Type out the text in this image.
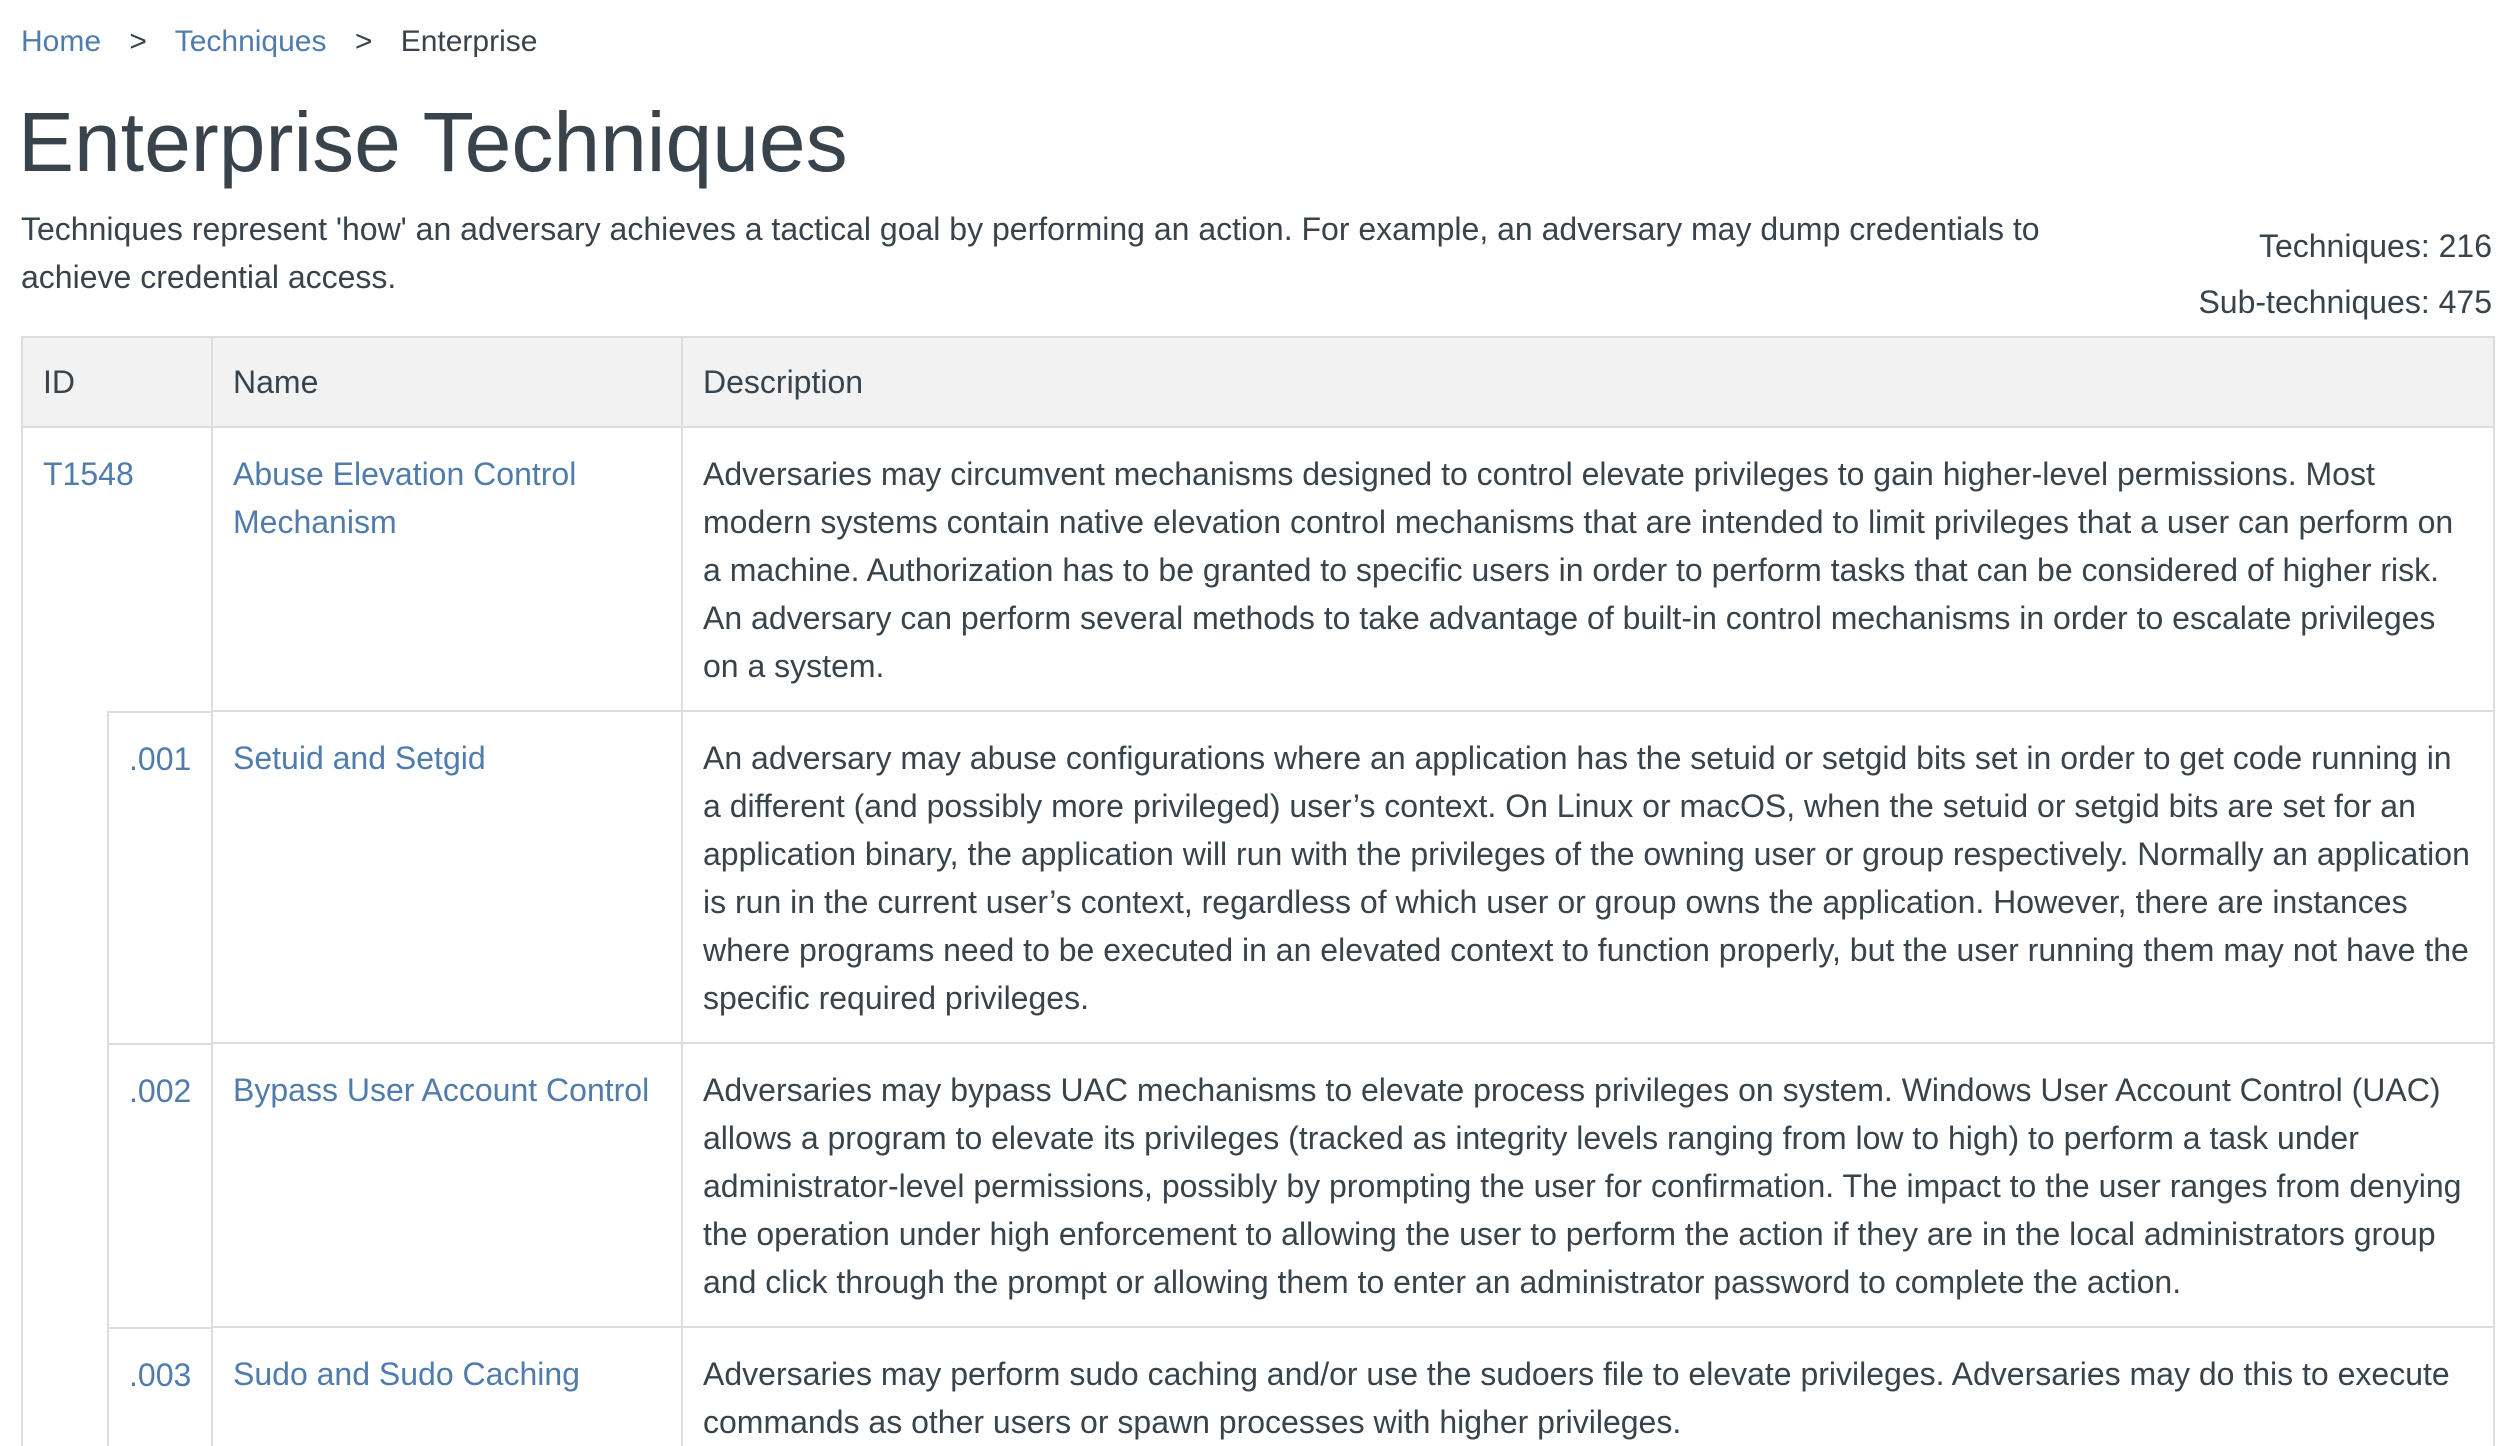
Home > Techniques > Enterprise
Enterprise Techniques
Techniques represent 'how' an adversary achieves a tactical goal by performing an action. For example, an adversary may dump credentials to achieve credential access.
Techniques: 216
Sub-techniques: 475
ID	Name	Description

T1548	Abuse Elevation Control Mechanism	Adversaries may circumvent mechanisms designed to control elevate privileges to gain higher-level permissions. Most modern systems contain native elevation control mechanisms that are intended to limit privileges that a user can perform on a machine. Authorization has to be granted to specific users in order to perform tasks that can be considered of higher risk. An adversary can perform several methods to take advantage of built-in control mechanisms in order to escalate privileges on a system.

.001	Setuid and Setgid	An adversary may abuse configurations where an application has the setuid or setgid bits set in order to get code running in a different (and possibly more privileged) user’s context. On Linux or macOS, when the setuid or setgid bits are set for an application binary, the application will run with the privileges of the owning user or group respectively. Normally an application is run in the current user’s context, regardless of which user or group owns the application. However, there are instances where programs need to be executed in an elevated context to function properly, but the user running them may not have the specific required privileges.

.002	Bypass User Account Control	Adversaries may bypass UAC mechanisms to elevate process privileges on system. Windows User Account Control (UAC) allows a program to elevate its privileges (tracked as integrity levels ranging from low to high) to perform a task under administrator-level permissions, possibly by prompting the user for confirmation. The impact to the user ranges from denying the operation under high enforcement to allowing the user to perform the action if they are in the local administrators group and click through the prompt or allowing them to enter an administrator password to complete the action.

.003	Sudo and Sudo Caching	Adversaries may perform sudo caching and/or use the sudoers file to elevate privileges. Adversaries may do this to execute commands as other users or spawn processes with higher privileges.
